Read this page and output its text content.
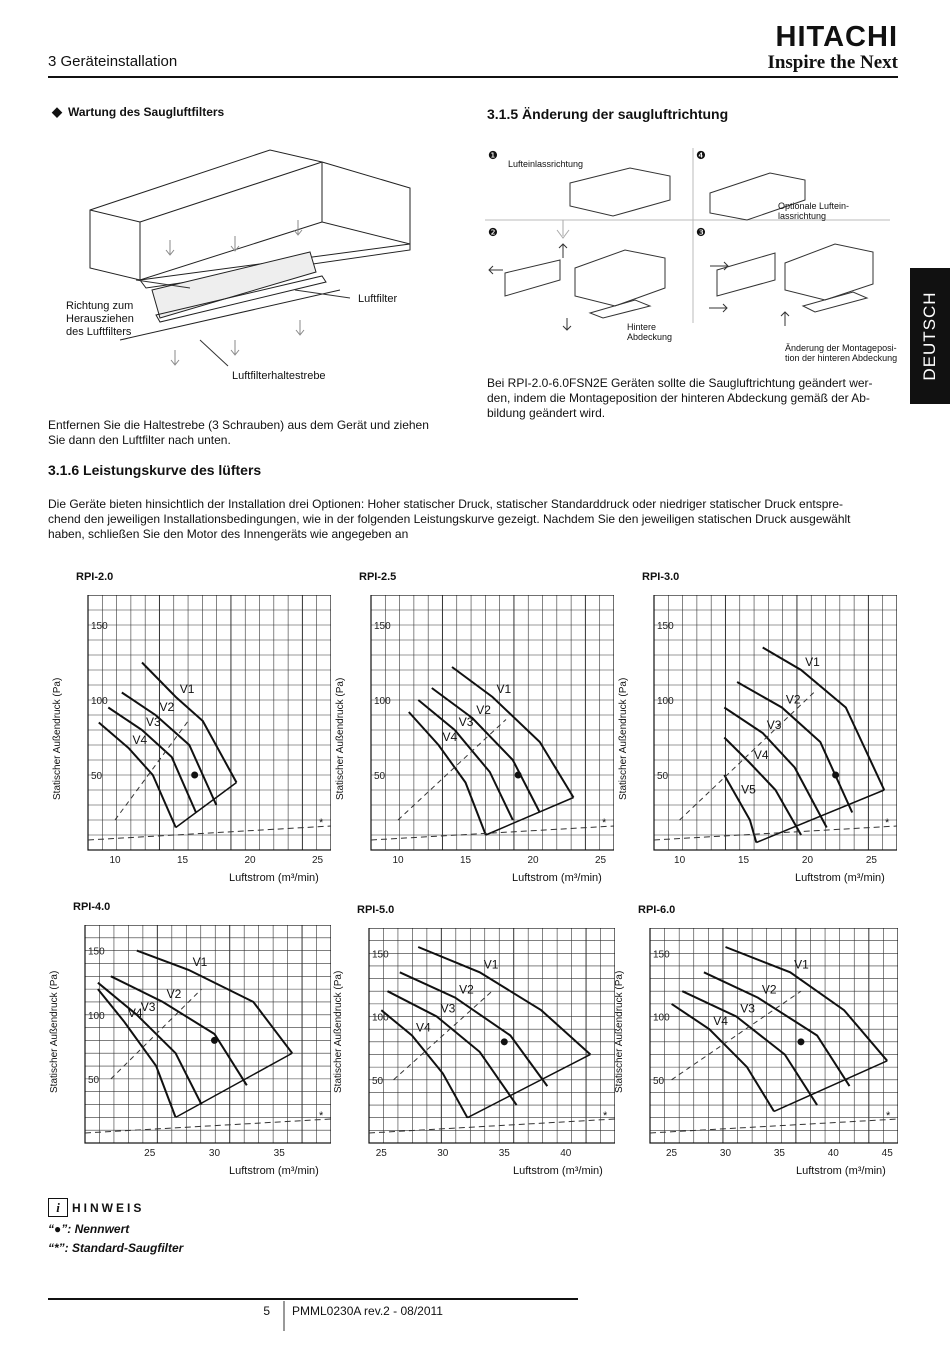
3 Geräteinstallation
HITACHI
Inspire the Next
DEUTSCH
◆ Wartung des Saugluftfilters
Richtung zum
Herausziehen
des Luftfilters
Luftfilter
Luftfilterhaltestrebe
Entfernen Sie die Haltestrebe (3 Schrauben) aus dem Gerät und ziehen
Sie dann den Luftfilter nach unten.
3.1.5 Änderung der saugluftrichtung
❶	❹
❷	❸
Lufteinlassrichtung
Optionale Luftein-
lassrichtung
Hintere
Abdeckung
Änderung der Montageposi-
tion der hinteren Abdeckung
Bei RPI-2.0-6.0FSN2E Geräten sollte die Saugluftrichtung geändert wer-
den, indem die Montageposition der hinteren Abdeckung gemäß der Ab-
bildung geändert wird.
3.1.6 Leistungskurve des lüfters
Die Geräte bieten hinsichtlich der Installation drei Optionen: Hoher statischer Druck, statischer Standarddruck oder niedriger statischer Druck entspre-
chend den jeweiligen Installationsbedingungen, wie in der folgenden Leistungskurve gezeigt. Nachdem Sie den jeweiligen statischen Druck ausgewählt
haben, schließen Sie den Motor des Innengeräts wie angegeben an
RPI-2.0
Statischer Außendruck (Pa)
Luftstrom (m³/min)
50
100
150
10	15	20	25
V1
V2
V3
V4
*
RPI-2.5
Statischer Außendruck (Pa)
Luftstrom (m³/min)
50
100
150
10	15	20	25
V1
V2
V3
V4
*
RPI-3.0
Statischer Außendruck (Pa)
Luftstrom (m³/min)
50
100
150
10	15	20	25
V1
V2
V3
V4
V5
*
RPI-4.0
Statischer Außendruck (Pa)
Luftstrom (m³/min)
50
100
150
25	30	35
V1
V2
V3
V4
*
RPI-5.0
Statischer Außendruck (Pa)
Luftstrom (m³/min)
50
100
150
25	30	35	40
V1
V2
V3
V4
*
RPI-6.0
Statischer Außendruck (Pa)
Luftstrom (m³/min)
50
100
150
25	30	35	40	45
V1
V2
V3
V4
*
i HINWEIS
“●”: Nennwert
“*”: Standard-Saugfilter
5 PMML0230A rev.2 - 08/2011
